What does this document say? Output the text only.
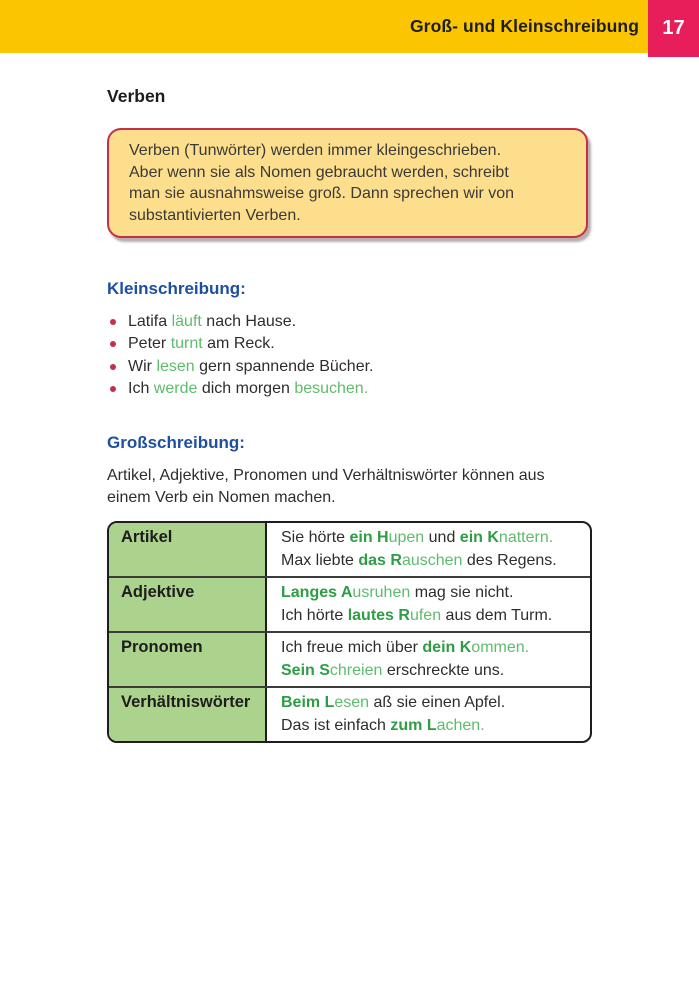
Groß- und Kleinschreibung	17
Verben

Verben (Tunwörter) werden immer kleingeschrieben. Aber wenn sie als Nomen gebraucht werden, schreibt man sie ausnahmsweise groß. Dann sprechen wir von substantivierten Verben.

Kleinschreibung:
Latifa läuft nach Hause.
Peter turnt am Reck.
Wir lesen gern spannende Bücher.
Ich werde dich morgen besuchen.
Großschreibung:

Artikel, Adjektive, Pronomen und Verhältniswörter können aus einem Verb ein Nomen machen.

Artikel	Sie hörte ein Hupen und ein Knattern.
Max liebte das Rauschen des Regens.
Adjektive	Langes Ausruhen mag sie nicht.
Ich hörte lautes Rufen aus dem Turm.
Pronomen	Ich freue mich über dein Kommen.
Sein Schreien erschreckte uns.
Verhältniswörter	Beim Lesen aß sie einen Apfel.
Das ist einfach zum Lachen.
